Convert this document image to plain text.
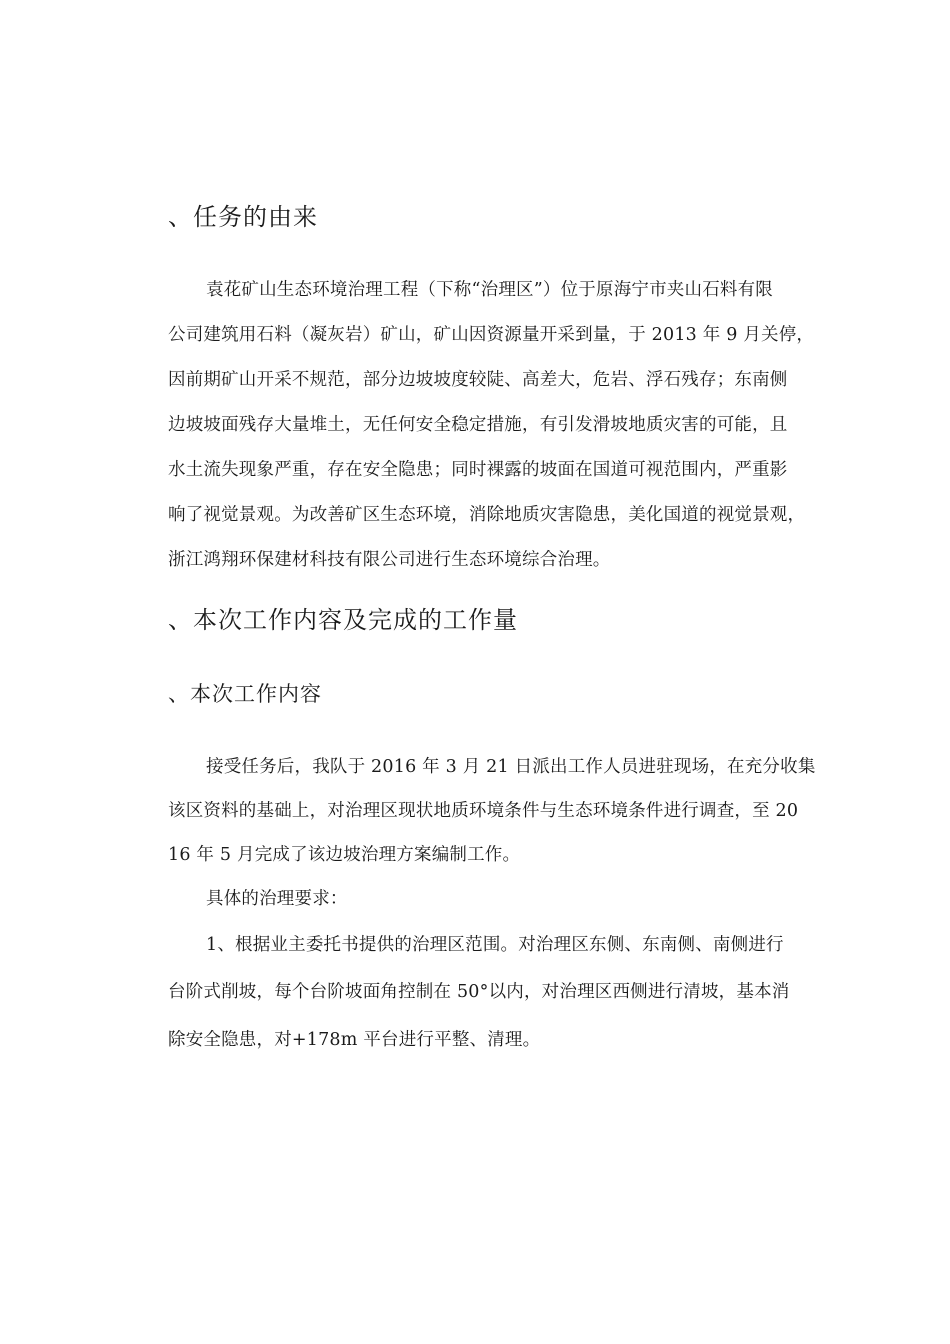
、任务的由来
袁花矿山生态环境治理工程（下称“治理区”）位于原海宁市夹山石料有限
公司建筑用石料（凝灰岩）矿山，矿山因资源量开采到量，于 2013 年 9 月关停，
因前期矿山开采不规范，部分边坡坡度较陡、高差大，危岩、浮石残存；东南侧
边坡坡面残存大量堆土，无任何安全稳定措施，有引发滑坡地质灾害的可能，且
水土流失现象严重，存在安全隐患；同时裸露的坡面在国道可视范围内，严重影
响了视觉景观。为改善矿区生态环境，消除地质灾害隐患，美化国道的视觉景观，
浙江鸿翔环保建材科技有限公司进行生态环境综合治理。
、本次工作内容及完成的工作量
、本次工作内容
接受任务后，我队于 2016 年 3 月 21 日派出工作人员进驻现场，在充分收集
该区资料的基础上，对治理区现状地质环境条件与生态环境条件进行调查，至 20
16 年 5 月完成了该边坡治理方案编制工作。
具体的治理要求：
1、根据业主委托书提供的治理区范围。对治理区东侧、东南侧、南侧进行
台阶式削坡，每个台阶坡面角控制在 50°以内，对治理区西侧进行清坡，基本消
除安全隐患，对+178m 平台进行平整、清理。
